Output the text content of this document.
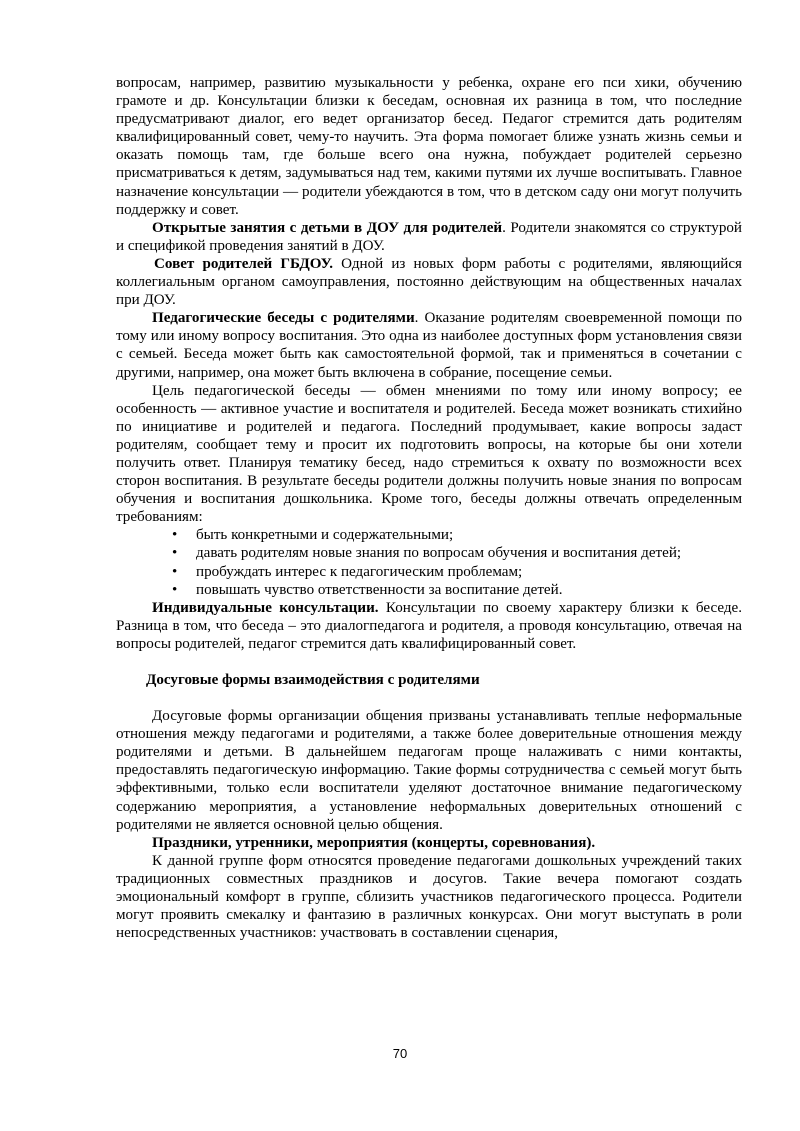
вопросам, например, развитию музыкальности у ребенка, охране его пси хики, обучению грамоте и др. Консультации близки к беседам, основная их разница в том, что последние предусматривают диалог, его ведет организатор бесед. Педагог стремится дать родителям квалифицированный совет, чему-то научить. Эта форма помогает ближе узнать жизнь семьи и оказать помощь там, где больше всего она нужна, побуждает родителей серьезно присматриваться к детям, задумываться над тем, какими путями их лучше воспитывать. Главное назначение консультации — родители убеждаются в том, что в детском саду они могут получить поддержку и совет.

Открытые занятия с детьми в ДОУ для родителей. Родители знакомятся со структурой и спецификой проведения занятий в ДОУ.

Совет родителей ГБДОУ. Одной из новых форм работы с родителями, являющийся коллегиальным органом самоуправления, постоянно действующим на общественных началах при ДОУ.

Педагогические беседы с родителями. Оказание родителям своевременной помощи по тому или иному вопросу воспитания. Это одна из наиболее доступных форм установления связи с семьей. Беседа может быть как самостоятельной формой, так и применяться в сочетании с другими, например, она может быть включена в собрание, посещение семьи.

Цель педагогической беседы — обмен мнениями по тому или иному вопросу; ее особенность — активное участие и воспитателя и родителей. Беседа может возникать стихийно по инициативе и родителей и педагога. Последний продумывает, какие вопросы задаст родителям, сообщает тему и просит их подготовить вопросы, на которые бы они хотели получить ответ. Планируя тематику бесед, надо стремиться к охвату по возможности всех сторон воспитания. В результате беседы родители должны получить новые знания по вопросам обучения и воспитания дошкольника. Кроме того, беседы должны отвечать определенным требованиям:

• быть конкретными и содержательными;
• давать родителям новые знания по вопросам обучения и воспитания детей;
• пробуждать интерес к педагогическим проблемам;
• повышать чувство ответственности за воспитание детей.

Индивидуальные консультации. Консультации по своему характеру близки к беседе. Разница в том, что беседа – это диалогпедагога и родителя, а проводя консультацию, отвечая на вопросы родителей, педагог стремится дать квалифицированный совет.

Досуговые формы взаимодействия с родителями

Досуговые формы организации общения призваны устанавливать теплые неформальные отношения между педагогами и родителями, а также более доверительные отношения между родителями и детьми. В дальнейшем педагогам проще налаживать с ними контакты, предоставлять педагогическую информацию. Такие формы сотрудничества с семьей могут быть эффективными, только если воспитатели уделяют достаточное внимание педагогическому содержанию мероприятия, а установление неформальных доверительных отношений с родителями не является основной целью общения.

Праздники, утренники, мероприятия (концерты, соревнования).

К данной группе форм относятся проведение педагогами дошкольных учреждений таких традиционных совместных праздников и досугов. Такие вечера помогают создать эмоциональный комфорт в группе, сблизить участников педагогического процесса. Родители могут проявить смекалку и фантазию в различных конкурсах. Они могут выступать в роли непосредственных участников: участвовать в составлении сценария,

70
